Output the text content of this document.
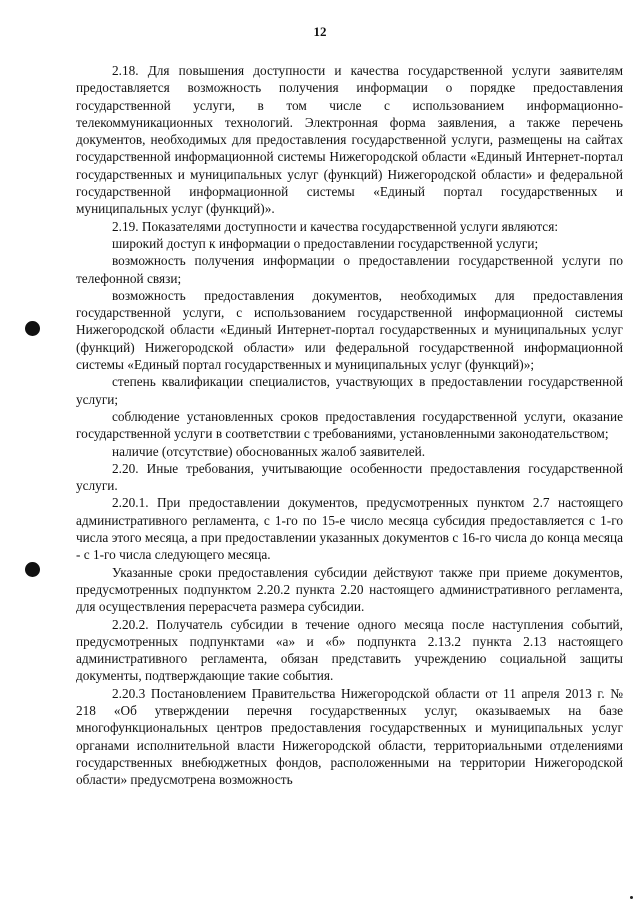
12

2.18. Для повышения доступности и качества государственной услуги заявителям предоставляется возможность получения информации о порядке предоставления государственной услуги, в том числе с использованием информационно-телекоммуникационных технологий. Электронная форма заявления, а также перечень документов, необходимых для предоставления государственной услуги, размещены на сайтах государственной информационной системы Нижегородской области «Единый Интернет-портал государственных и муниципальных услуг (функций) Нижегородской области» и федеральной государственной информационной системы «Единый портал государственных и муниципальных услуг (функций)».

2.19. Показателями доступности и качества государственной услуги являются:

широкий доступ к информации о предоставлении государственной услуги;

возможность получения информации о предоставлении государственной услуги по телефонной связи;

возможность предоставления документов, необходимых для предоставления государственной услуги, с использованием государственной информационной системы Нижегородской области «Единый Интернет-портал государственных и муниципальных услуг (функций) Нижегородской области» или федеральной государственной информационной системы «Единый портал государственных и муниципальных услуг (функций)»;

степень квалификации специалистов, участвующих в предоставлении государственной услуги;

соблюдение установленных сроков предоставления государственной услуги, оказание государственной услуги в соответствии с требованиями, установленными законодательством;

наличие (отсутствие) обоснованных жалоб заявителей.

2.20. Иные требования, учитывающие особенности предоставления государственной услуги.

2.20.1. При предоставлении документов, предусмотренных пунктом 2.7 настоящего административного регламента, с 1-го по 15-е число месяца субсидия предоставляется с 1-го числа этого месяца, а при предоставлении указанных документов с 16-го числа до конца месяца - с 1-го числа следующего месяца.

Указанные сроки предоставления субсидии действуют также при приеме документов, предусмотренных подпунктом 2.20.2 пункта 2.20 настоящего административного регламента, для осуществления перерасчета размера субсидии.

2.20.2. Получатель субсидии в течение одного месяца после наступления событий, предусмотренных подпунктами «а» и «б» подпункта 2.13.2 пункта 2.13 настоящего административного регламента, обязан представить учреждению социальной защиты документы, подтверждающие такие события.

2.20.3 Постановлением Правительства Нижегородской области от 11 апреля 2013 г. № 218 «Об утверждении перечня государственных услуг, оказываемых на базе многофункциональных центров предоставления государственных и муниципальных услуг органами исполнительной власти Нижегородской области, территориальными отделениями государственных внебюджетных фондов, расположенными на территории Нижегородской области» предусмотрена возможность
